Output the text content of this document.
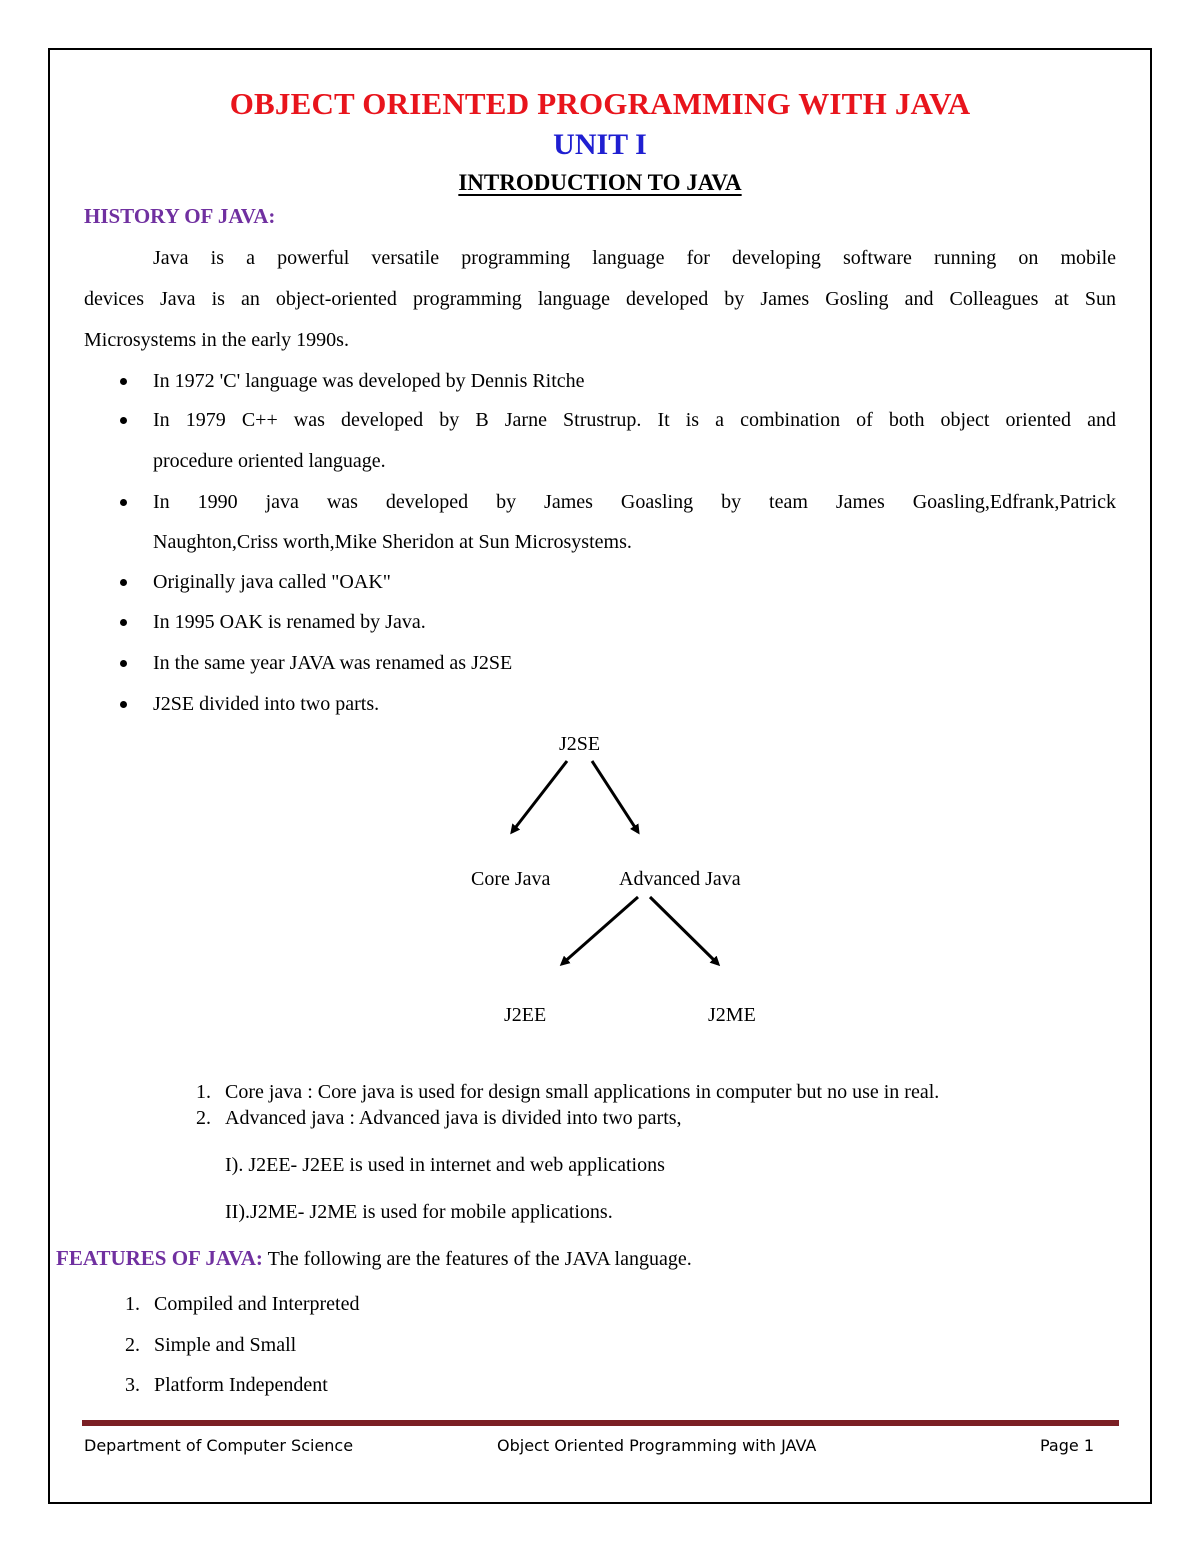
OBJECT ORIENTED PROGRAMMING WITH JAVA
UNIT I
INTRODUCTION TO JAVA
HISTORY OF JAVA:
Java is a powerful versatile programming language for developing software running on mobile
devices Java is an object-oriented programming language developed by James Gosling and Colleagues at Sun
Microsystems in the early 1990s.
In 1972 'C' language was developed by Dennis Ritche
In 1979 C++ was developed by B Jarne Strustrup. It is a combination of both object oriented and
procedure oriented language.
In 1990 java was developed by James Goasling by team James Goasling,Edfrank,Patrick
Naughton,Criss worth,Mike Sheridon at Sun Microsystems.
Originally java called "OAK"
In 1995 OAK is renamed by Java.
In the same year JAVA was renamed as J2SE
J2SE divided into two parts.
J2SE
Core Java	Advanced Java
J2EE	J2ME
1. Core java : Core java is used for design small applications in computer but no use in real.
2. Advanced java : Advanced java is divided into two parts,
I). J2EE- J2EE is used in internet and web applications
II).J2ME- J2ME is used for mobile applications.
FEATURES OF JAVA: The following are the features of the JAVA language.
1. Compiled and Interpreted
2. Simple and Small
3. Platform Independent
Department of Computer Science	Object Oriented Programming with JAVA	Page 1
